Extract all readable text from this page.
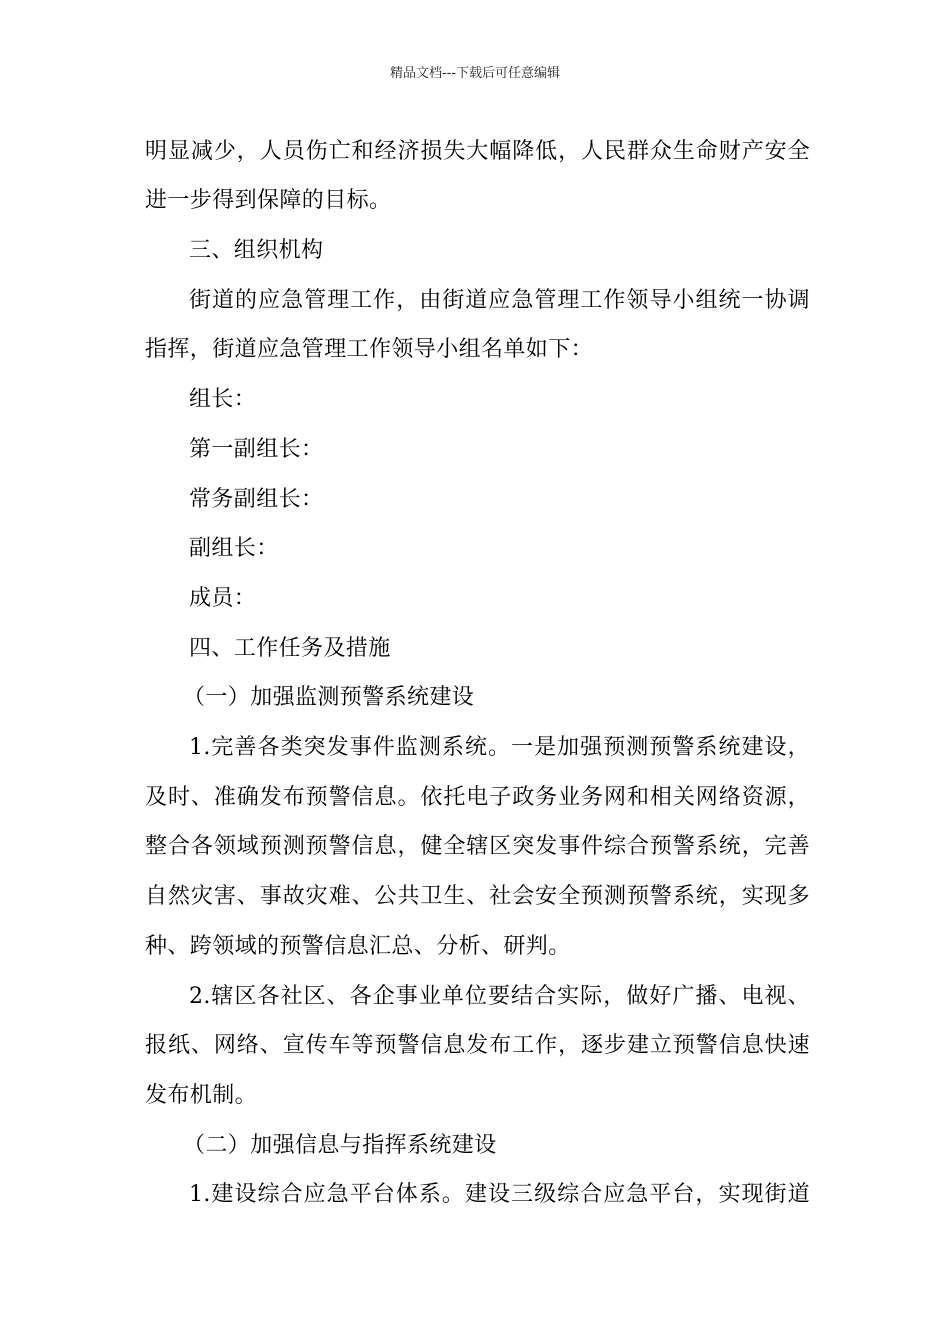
精品文档---下载后可任意编辑
明显减少，人员伤亡和经济损失大幅降低，人民群众生命财产安全
进一步得到保障的目标。
三、组织机构
街道的应急管理工作，由街道应急管理工作领导小组统一协调
指挥，街道应急管理工作领导小组名单如下：
组长：
第一副组长：
常务副组长：
副组长：
成员：
四、工作任务及措施
（一）加强监测预警系统建设
1.完善各类突发事件监测系统。一是加强预测预警系统建设，
及时、准确发布预警信息。依托电子政务业务网和相关网络资源，
整合各领域预测预警信息，健全辖区突发事件综合预警系统，完善
自然灾害、事故灾难、公共卫生、社会安全预测预警系统，实现多
种、跨领域的预警信息汇总、分析、研判。
2.辖区各社区、各企事业单位要结合实际，做好广播、电视、
报纸、网络、宣传车等预警信息发布工作，逐步建立预警信息快速
发布机制。
（二）加强信息与指挥系统建设
1.建设综合应急平台体系。建设三级综合应急平台，实现街道
